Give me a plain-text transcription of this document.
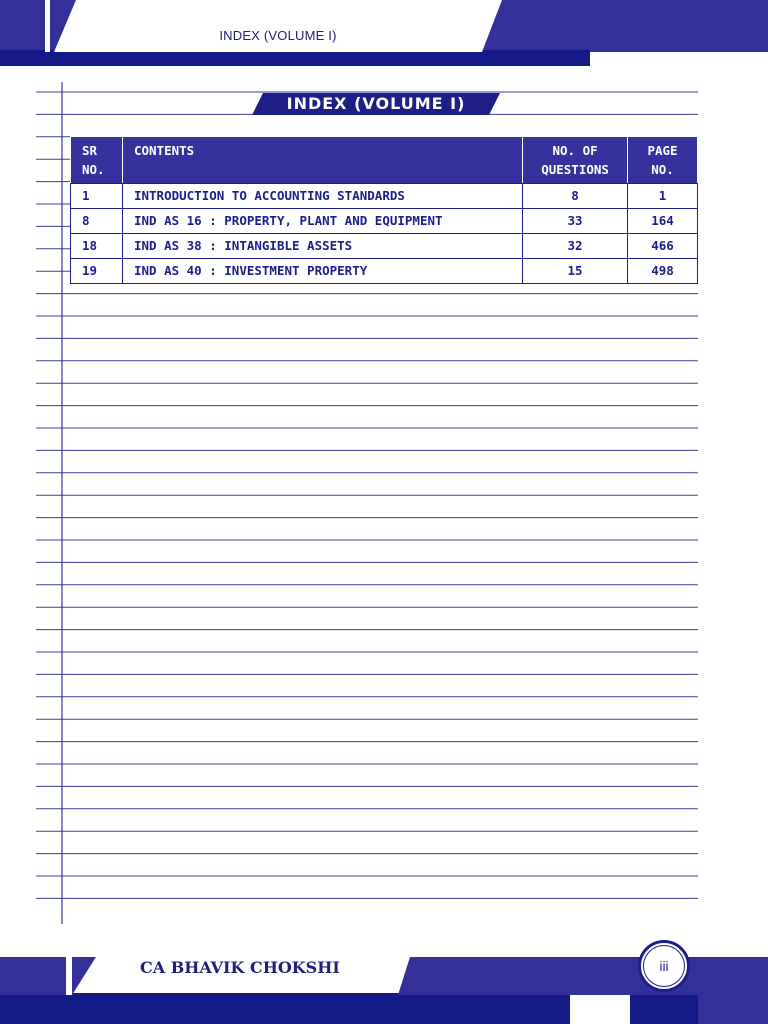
INDEX (VOLUME I)
INDEX (VOLUME I)
SR NO.	CONTENTS	NO. OF QUESTIONS	PAGE NO.
1	INTRODUCTION TO ACCOUNTING STANDARDS	8	1
8	IND AS 16 : PROPERTY, PLANT AND EQUIPMENT	33	164
18	IND AS 38 : INTANGIBLE ASSETS	32	466
19	IND AS 40 : INVESTMENT PROPERTY	15	498
CA BHAVIK CHOKSHI	iii
